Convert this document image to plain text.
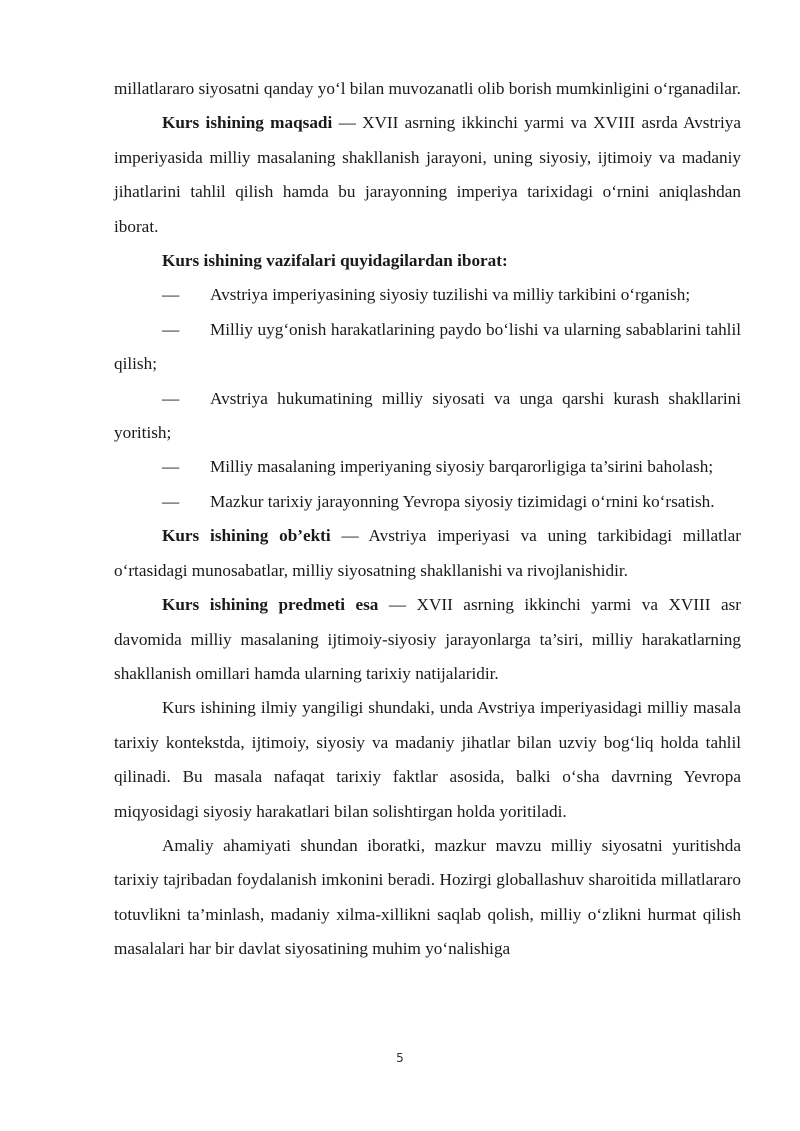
millatlararo siyosatni qanday yo‘l bilan muvozanatli olib borish mumkinligini o‘rganadilar.

Kurs ishining maqsadi — XVII asrning ikkinchi yarmi va XVIII asrda Avstriya imperiyasida milliy masalaning shakllanish jarayoni, uning siyosiy, ijtimoiy va madaniy jihatlarini tahlil qilish hamda bu jarayonning imperiya tarixidagi o‘rnini aniqlashdan iborat.

Kurs ishining vazifalari quyidagilardan iborat:

— Avstriya imperiyasining siyosiy tuzilishi va milliy tarkibini o‘rganish;

— Milliy uyg‘onish harakatlarining paydo bo‘lishi va ularning sabablarini tahlil qilish;

— Avstriya hukumatining milliy siyosati va unga qarshi kurash shakllarini yoritish;

— Milliy masalaning imperiyaning siyosiy barqarorligiga ta’sirini baholash;

— Mazkur tarixiy jarayonning Yevropa siyosiy tizimidagi o‘rnini ko‘rsatish.

Kurs ishining ob’ekti — Avstriya imperiyasi va uning tarkibidagi millatlar o‘rtasidagi munosabatlar, milliy siyosatning shakllanishi va rivojlanishidir.

Kurs ishining predmeti esa — XVII asrning ikkinchi yarmi va XVIII asr davomida milliy masalaning ijtimoiy-siyosiy jarayonlarga ta’siri, milliy harakatlarning shakllanish omillari hamda ularning tarixiy natijalaridir.

Kurs ishining ilmiy yangiligi shundaki, unda Avstriya imperiyasidagi milliy masala tarixiy kontekstda, ijtimoiy, siyosiy va madaniy jihatlar bilan uzviy bog‘liq holda tahlil qilinadi. Bu masala nafaqat tarixiy faktlar asosida, balki o‘sha davrning Yevropa miqyosidagi siyosiy harakatlari bilan solishtirgan holda yoritiladi.

Amaliy ahamiyati shundan iboratki, mazkur mavzu milliy siyosatni yuritishda tarixiy tajribadan foydalanish imkonini beradi. Hozirgi globallashuv sharoitida millatlararo totuvlikni ta’minlash, madaniy xilma-xillikni saqlab qolish, milliy o‘zlikni hurmat qilish masalalari har bir davlat siyosatining muhim yo‘nalishiga

5
